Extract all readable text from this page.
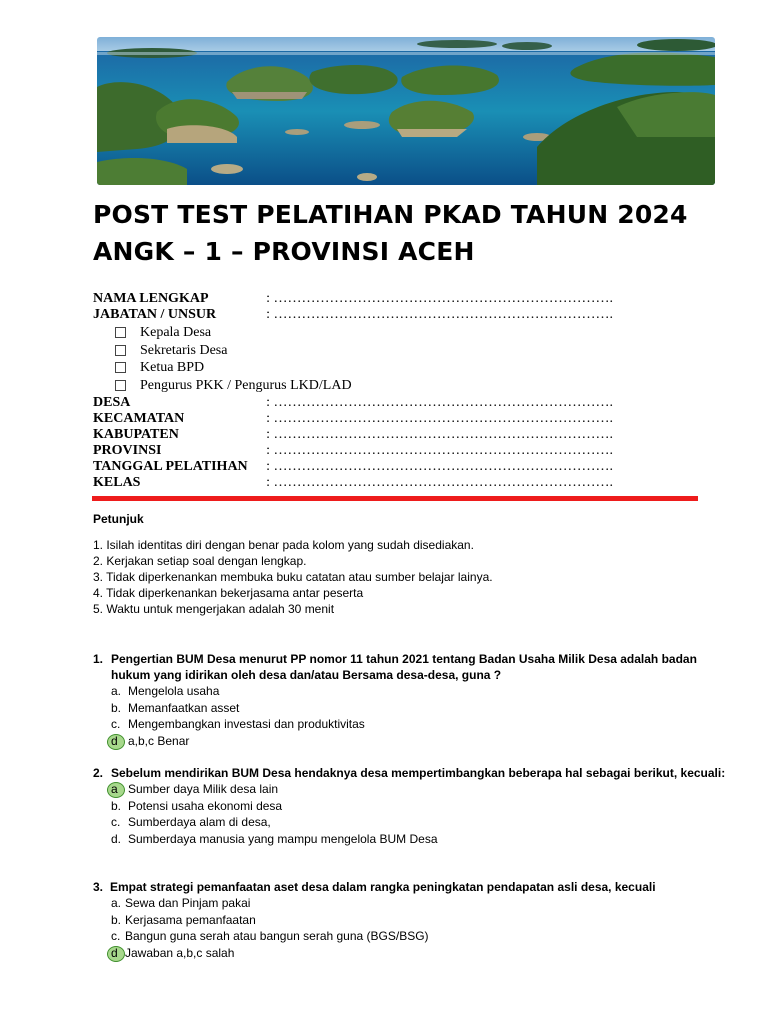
POST TEST PELATIHAN PKAD TAHUN 2024
ANGK – 1 – PROVINSI ACEH
NAMA LENGKAP	: ……………………………………………………………….
JABATAN / UNSUR	: ……………………………………………………………….
Kepala Desa
Sekretaris Desa
Ketua BPD
Pengurus PKK / Pengurus LKD/LAD
DESA	: ……………………………………………………………….
KECAMATAN	: ……………………………………………………………….
KABUPATEN	: ……………………………………………………………….
PROVINSI	: ……………………………………………………………….
TANGGAL PELATIHAN	: ……………………………………………………………….
KELAS	: ……………………………………………………………….
Petunjuk
1. Isilah identitas diri dengan benar pada kolom yang sudah disediakan.
2. Kerjakan setiap soal dengan lengkap.
3. Tidak diperkenankan membuka buku catatan atau sumber belajar lainya.
4. Tidak diperkenankan bekerjasama antar peserta
5. Waktu untuk mengerjakan adalah 30 menit
1. Pengertian BUM Desa menurut PP nomor 11 tahun 2021 tentang Badan Usaha Milik Desa adalah badan hukum yang idirikan oleh desa dan/atau Bersama desa-desa, guna ?
a. Mengelola usaha
b. Memanfaatkan asset
c. Mengembangkan investasi dan produktivitas
d a,b,c Benar
2. Sebelum mendirikan BUM Desa hendaknya desa mempertimbangkan beberapa hal sebagai berikut, kecuali:
a Sumber daya Milik desa lain
b. Potensi usaha ekonomi desa
c. Sumberdaya alam di desa,
d. Sumberdaya manusia yang mampu mengelola BUM Desa
3. Empat strategi pemanfaatan aset desa dalam rangka peningkatan pendapatan asli desa, kecuali
a. Sewa dan Pinjam pakai
b. Kerjasama pemanfaatan
c. Bangun guna serah atau bangun serah guna (BGS/BSG)
d Jawaban a,b,c salah
